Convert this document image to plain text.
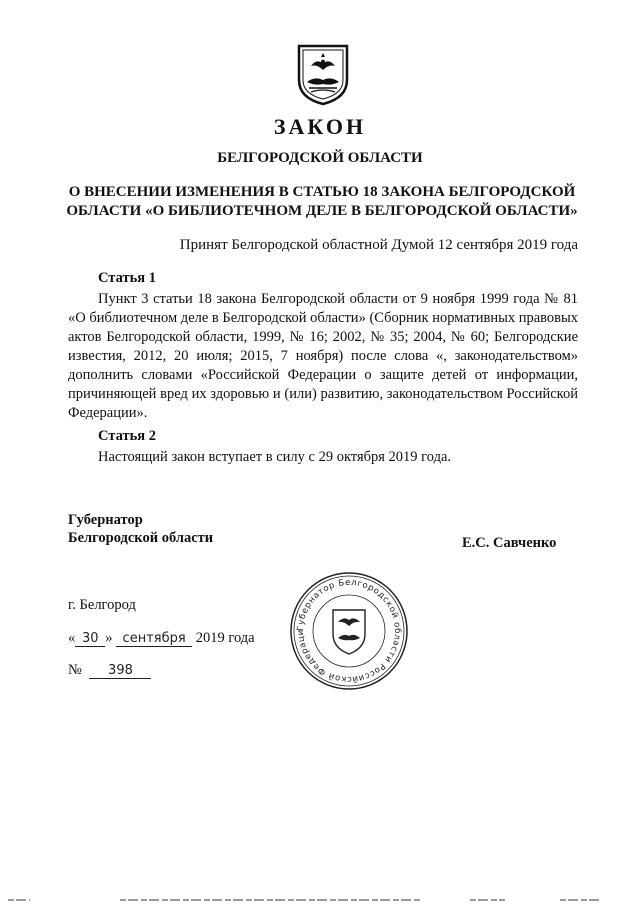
ЗАКОН
БЕЛГОРОДСКОЙ ОБЛАСТИ
О ВНЕСЕНИИ ИЗМЕНЕНИЯ В СТАТЬЮ 18 ЗАКОНА БЕЛГОРОДСКОЙ
ОБЛАСТИ «О БИБЛИОТЕЧНОМ ДЕЛЕ В БЕЛГОРОДСКОЙ ОБЛАСТИ»
Принят Белгородской областной Думой 12 сентября 2019 года
Статья 1
Пункт 3 статьи 18 закона Белгородской области от 9 ноября 1999 года № 81 «О библиотечном деле в Белгородской области» (Сборник нормативных правовых актов Белгородской области, 1999, № 16; 2002, № 35; 2004, № 60; Белгородские известия, 2012, 20 июля; 2015, 7 ноября) после слова «, законодательством» дополнить словами «Российской Федерации о защите детей от информации, причиняющей вред их здоровью и (или) развитию, законодательством Российской Федерации».
Статья 2
Настоящий закон вступает в силу с 29 октября 2019 года.
Губернатор
Белгородской области	Е.С. Савченко
г. Белгород
« 30 » сентября 2019 года
№ 398
Губернатор Белгородской области Российской Федераци
